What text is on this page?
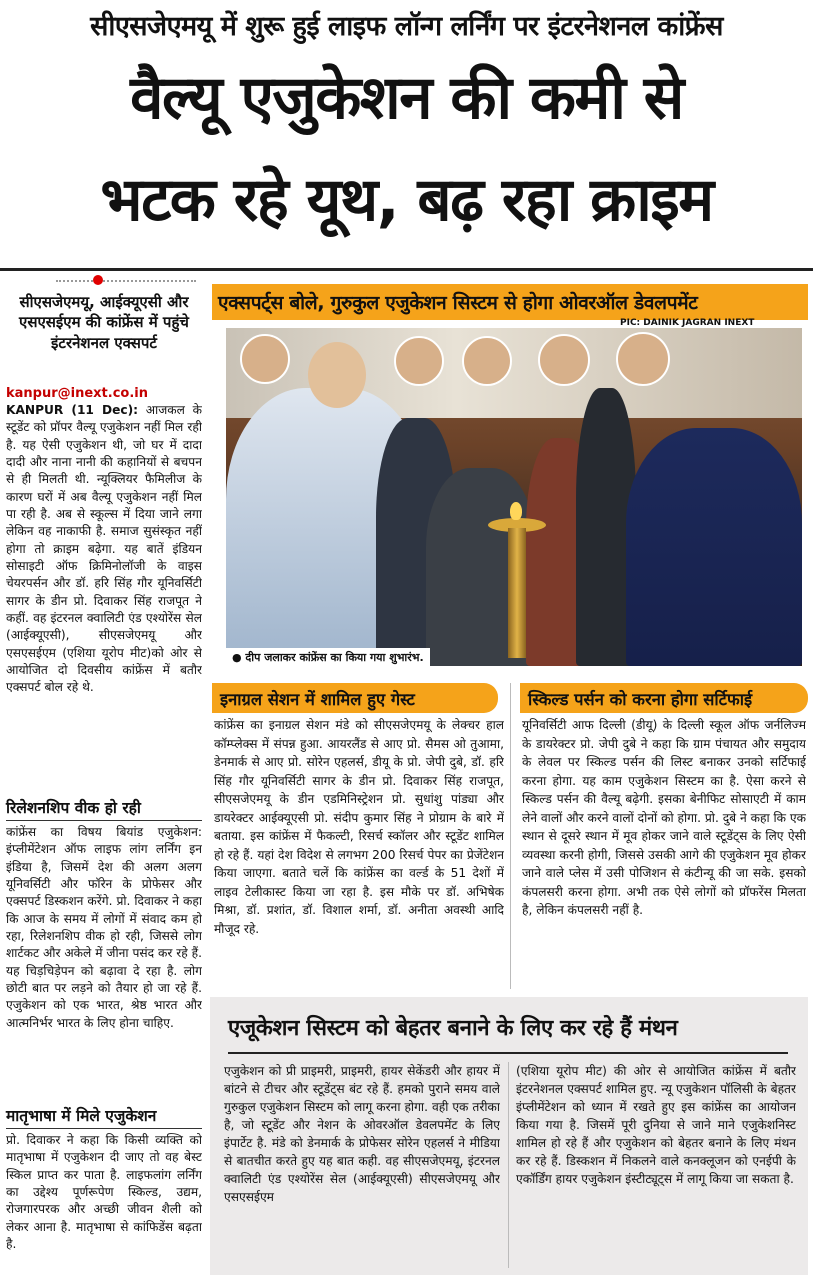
सीएसजेएमयू में शुरू हुई लाइफ लॉन्ग लर्निंग पर इंटरनेशनल कांफ्रेंस
वैल्यू एजुकेशन की कमी से
भटक रहे यूथ, बढ़ रहा क्राइम
सीएसजेएमयू, आईक्यूएसी और एसएसईएम की कांफ्रेंस में पहुंचे इंटरनेशनल एक्सपर्ट
kanpur@inext.co.in
KANPUR (11 Dec): आजकल के स्टूडेंट को प्रॉपर वैल्यू एजुकेशन नहीं मिल रही है. यह ऐसी एजुकेशन थी, जो घर में दादा दादी और नाना नानी की कहानियों से बचपन से ही मिलती थी. न्यूक्लियर फैमिलीज के कारण घरों में अब वैल्यू एजुकेशन नहीं मिल पा रही है. अब से स्कूल्स में दिया जाने लगा लेकिन वह नाकाफी है. समाज सुसंस्कृत नहीं होगा तो क्राइम बढ़ेगा. यह बातें इंडियन सोसाइटी ऑफ क्रिमिनोलॉजी के वाइस चेयरपर्सन और डॉ. हरि सिंह गौर यूनिवर्सिटी सागर के डीन प्रो. दिवाकर सिंह राजपूत ने कहीं. वह इंटरनल क्वालिटी एंड एश्योरेंस सेल (आईक्यूएसी), सीएसजेएमयू और एसएसईएम (एशिया यूरोप मीट)को ओर से आयोजित दो दिवसीय कांफ्रेंस में बतौर एक्सपर्ट बोल रहे थे.
रिलेशनशिप वीक हो रही
कांफ्रेंस का विषय बियांड एजुकेशन: इंप्लीमेंटेशन ऑफ लाइफ लांग लर्निंग इन इंडिया है, जिसमें देश की अलग अलग यूनिवर्सिटी और फॉरेन के प्रोफेसर और एक्सपर्ट डिस्कशन करेंगे. प्रो. दिवाकर ने कहा कि आज के समय में लोगों में संवाद कम हो रहा, रिलेशनशिप वीक हो रही, जिससे लोग शार्टकट और अकेले में जीना पसंद कर रहे हैं. यह चिड़चिड़ेपन को बढ़ावा दे रहा है. लोग छोटी बात पर लड़ने को तैयार हो जा रहे हैं. एजुकेशन को एक भारत, श्रेष्ठ भारत और आत्मनिर्भर भारत के लिए होना चाहिए.
मातृभाषा में मिले एजुकेशन
प्रो. दिवाकर ने कहा कि किसी व्यक्ति को मातृभाषा में एजुकेशन दी जाए तो वह बेस्ट स्किल प्राप्त कर पाता है. लाइफलांग लर्निंग का उद्देश्य पूर्णरूपेण स्किल्ड, उद्यम, रोजगारपरक और अच्छी जीवन शैली को लेकर आना है. मातृभाषा से कांफिडेंस बढ़ता है.
एक्सपर्ट्स बोले, गुरुकुल एजुकेशन सिस्टम से होगा ओवरऑल डेवलपमेंट
PIC: DAINIK JAGRAN INEXT
● दीप जलाकर कांफ्रेंस का किया गया शुभारंभ.
इनाग्रल सेशन में शामिल हुए गेस्ट
कांफ्रेंस का इनाग्रल सेशन मंडे को सीएसजेएमयू के लेक्चर हाल कॉम्प्लेक्स में संपन्न हुआ. आयरलैंड से आए प्रो. सैमस ओ तुआमा, डेनमार्क से आए प्रो. सोरेन एहलर्स, डीयू के प्रो. जेपी दुबे, डॉ. हरि सिंह गौर यूनिवर्सिटी सागर के डीन प्रो. दिवाकर सिंह राजपूत, सीएसजेएमयू के डीन एडमिनिस्ट्रेशन प्रो. सुधांशु पांड्या और डायरेक्टर आईक्यूएसी प्रो. संदीप कुमार सिंह ने प्रोग्राम के बारे में बताया. इस कांफ्रेंस में फैकल्टी, रिसर्च स्कॉलर और स्टूडेंट शामिल हो रहे हैं. यहां देश विदेश से लगभग 200 रिसर्च पेपर का प्रेजेंटेशन किया जाएगा. बताते चलें कि कांफ्रेंस का वर्ल्ड के 51 देशों में लाइव टेलीकास्ट किया जा रहा है. इस मौके पर डॉ. अभिषेक मिश्रा, डॉ. प्रशांत, डॉ. विशाल शर्मा, डॉ. अनीता अवस्थी आदि मौजूद रहे.
स्किल्ड पर्सन को करना होगा सर्टिफाई
यूनिवर्सिटी आफ दिल्ली (डीयू) के दिल्ली स्कूल ऑफ जर्नलिज्म के डायरेक्टर प्रो. जेपी दुबे ने कहा कि ग्राम पंचायत और समुदाय के लेवल पर स्किल्ड पर्सन की लिस्ट बनाकर उनको सर्टिफाई करना होगा. यह काम एजुकेशन सिस्टम का है. ऐसा करने से स्किल्ड पर्सन की वैल्यू बढ़ेगी. इसका बेनीफिट सोसाएटी में काम लेने वालों और करने वालों दोनों को होगा. प्रो. दुबे ने कहा कि एक स्थान से दूसरे स्थान में मूव होकर जाने वाले स्टूडेंट्स के लिए ऐसी व्यवस्था करनी होगी, जिससे उसकी आगे की एजुकेशन मूव होकर जाने वाले प्लेस में उसी पोजिशन से कंटीन्यू की जा सके. इसको कंपलसरी करना होगा. अभी तक ऐसे लोगों को प्रॉफरेंस मिलता है, लेकिन कंपलसरी नहीं है.
एजूकेशन सिस्टम को बेहतर बनाने के लिए कर रहे हैं मंथन
एजुकेशन को प्री प्राइमरी, प्राइमरी, हायर सेकेंडरी और हायर में बांटने से टीचर और स्टूडेंट्स बंट रहे हैं. हमको पुराने समय वाले गुरुकुल एजुकेशन सिस्टम को लागू करना होगा. वही एक तरीका है, जो स्टूडेंट और नेशन के ओवरऑल डेवलपमेंट के लिए इंपार्टेट है. मंडे को डेनमार्क के प्रोफेसर सोरेन एहलर्स ने मीडिया से बातचीत करते हुए यह बात कही. वह सीएसजेएमयू, इंटरनल क्वालिटी एंड एश्योरेंस सेल (आईक्यूएसी) सीएसजेएमयू और एसएसईएम
(एशिया यूरोप मीट) की ओर से आयोजित कांफ्रेंस में बतौर इंटरनेशनल एक्सपर्ट शामिल हुए. न्यू एजुकेशन पॉलिसी के बेहतर इंप्लीमेंटेशन को ध्यान में रखते हुए इस कांफ्रेंस का आयोजन किया गया है. जिसमें पूरी दुनिया से जाने माने एजुकेशनिस्ट शामिल हो रहे हैं और एजुकेशन को बेहतर बनाने के लिए मंथन कर रहे हैं. डिस्कशन में निकलने वाले कनक्लूजन को एनईपी के एकॉर्डिंग हायर एजुकेशन इंस्टीट्यूट्स में लागू किया जा सकता है.
